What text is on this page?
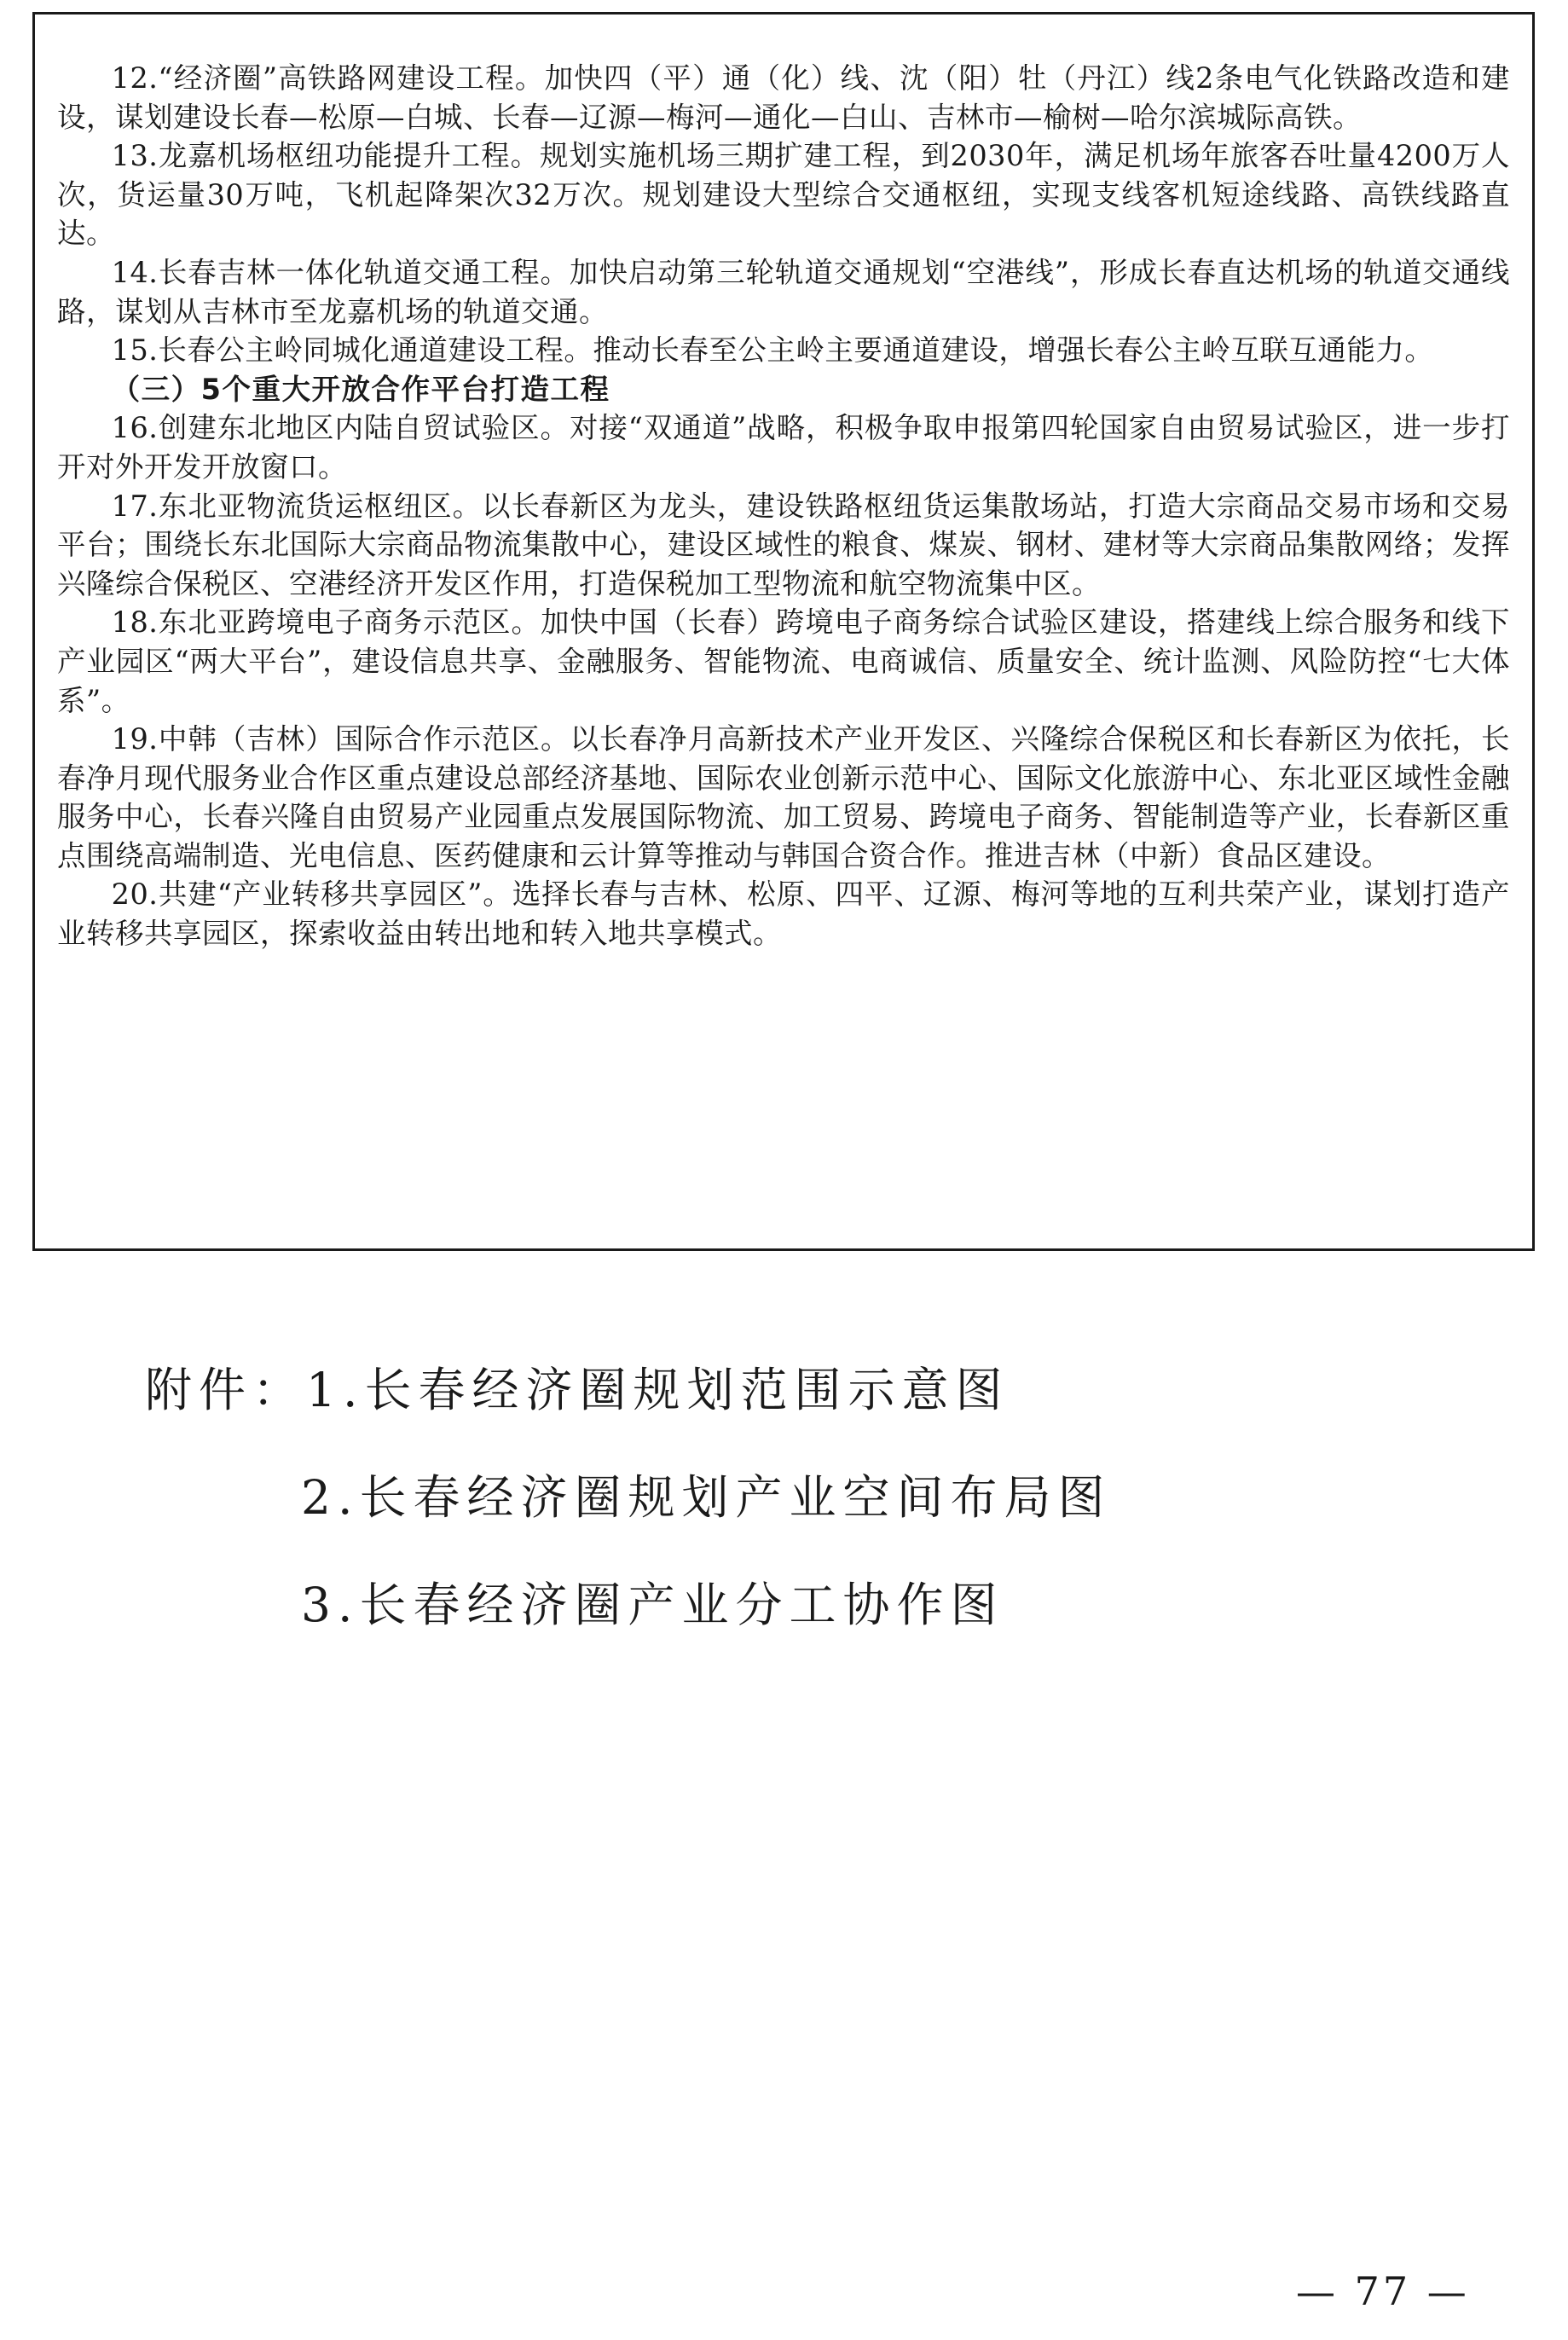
12.“经济圈”高铁路网建设工程。加快四（平）通（化）线、沈（阳）牡（丹江）线2条电气化铁路改造和建设，谋划建设长春—松原—白城、长春—辽源—梅河—通化—白山、吉林市—榆树—哈尔滨城际高铁。

13.龙嘉机场枢纽功能提升工程。规划实施机场三期扩建工程，到2030年，满足机场年旅客吞吐量4200万人次，货运量30万吨，飞机起降架次32万次。规划建设大型综合交通枢纽，实现支线客机短途线路、高铁线路直达。

14.长春吉林一体化轨道交通工程。加快启动第三轮轨道交通规划“空港线”，形成长春直达机场的轨道交通线路，谋划从吉林市至龙嘉机场的轨道交通。

15.长春公主岭同城化通道建设工程。推动长春至公主岭主要通道建设，增强长春公主岭互联互通能力。

（三）5个重大开放合作平台打造工程

16.创建东北地区内陆自贸试验区。对接“双通道”战略，积极争取申报第四轮国家自由贸易试验区，进一步打开对外开发开放窗口。

17.东北亚物流货运枢纽区。以长春新区为龙头，建设铁路枢纽货运集散场站，打造大宗商品交易市场和交易平台；围绕长东北国际大宗商品物流集散中心，建设区域性的粮食、煤炭、钢材、建材等大宗商品集散网络；发挥兴隆综合保税区、空港经济开发区作用，打造保税加工型物流和航空物流集中区。

18.东北亚跨境电子商务示范区。加快中国（长春）跨境电子商务综合试验区建设，搭建线上综合服务和线下产业园区“两大平台”，建设信息共享、金融服务、智能物流、电商诚信、质量安全、统计监测、风险防控“七大体系”。

19.中韩（吉林）国际合作示范区。以长春净月高新技术产业开发区、兴隆综合保税区和长春新区为依托，长春净月现代服务业合作区重点建设总部经济基地、国际农业创新示范中心、国际文化旅游中心、东北亚区域性金融服务中心，长春兴隆自由贸易产业园重点发展国际物流、加工贸易、跨境电子商务、智能制造等产业，长春新区重点围绕高端制造、光电信息、医药健康和云计算等推动与韩国合资合作。推进吉林（中新）食品区建设。

20.共建“产业转移共享园区”。选择长春与吉林、松原、四平、辽源、梅河等地的互利共荣产业，谋划打造产业转移共享园区，探索收益由转出地和转入地共享模式。

附件：1.长春经济圈规划范围示意图
2.长春经济圈规划产业空间布局图
3.长春经济圈产业分工协作图
— 77 —
